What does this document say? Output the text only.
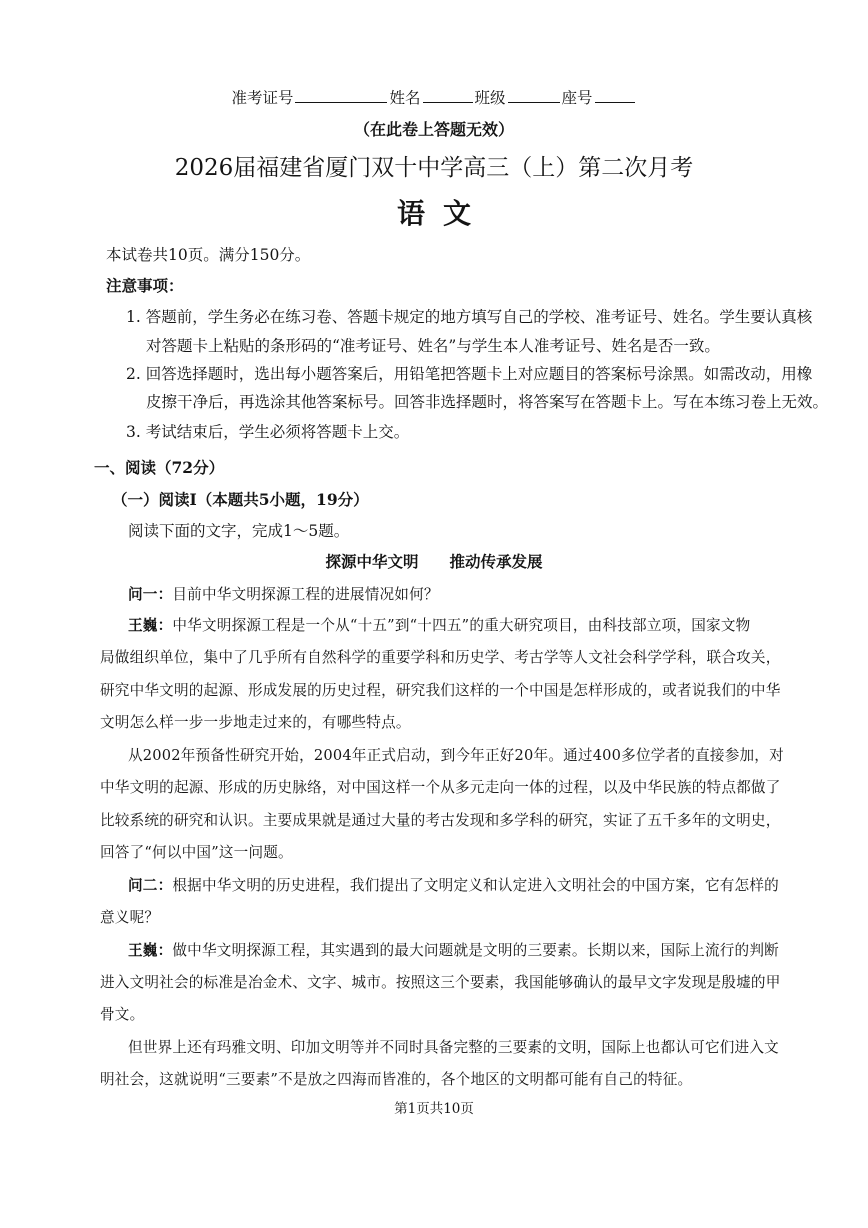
准考证号	姓名	班级	座号
（在此卷上答题无效）
2026届福建省厦门双十中学高三（上）第二次月考
语文
本试卷共10页。满分150分。
注意事项：
1. 答题前，学生务必在练习卷、答题卡规定的地方填写自己的学校、准考证号、姓名。学生要认真核
对答题卡上粘贴的条形码的“准考证号、姓名”与学生本人准考证号、姓名是否一致。
2. 回答选择题时，选出每小题答案后，用铅笔把答题卡上对应题目的答案标号涂黑。如需改动，用橡
皮擦干净后，再选涂其他答案标号。回答非选择题时，将答案写在答题卡上。写在本练习卷上无效。
3. 考试结束后，学生必须将答题卡上交。
一、阅读（72分）
（一）阅读Ⅰ（本题共5小题，19分）
阅读下面的文字，完成1～5题。
探源中华文明　　推动传承发展
问一：目前中华文明探源工程的进展情况如何？
王巍：中华文明探源工程是一个从“十五”到“十四五”的重大研究项目，由科技部立项，国家文物
局做组织单位，集中了几乎所有自然科学的重要学科和历史学、考古学等人文社会科学学科，联合攻关，
研究中华文明的起源、形成发展的历史过程，研究我们这样的一个中国是怎样形成的，或者说我们的中华
文明怎么样一步一步地走过来的，有哪些特点。
从2002年预备性研究开始，2004年正式启动，到今年正好20年。通过400多位学者的直接参加，对
中华文明的起源、形成的历史脉络，对中国这样一个从多元走向一体的过程，以及中华民族的特点都做了
比较系统的研究和认识。主要成果就是通过大量的考古发现和多学科的研究，实证了五千多年的文明史，
回答了“何以中国”这一问题。
问二：根据中华文明的历史进程，我们提出了文明定义和认定进入文明社会的中国方案，它有怎样的
意义呢？
王巍：做中华文明探源工程，其实遇到的最大问题就是文明的三要素。长期以来，国际上流行的判断
进入文明社会的标准是冶金术、文字、城市。按照这三个要素，我国能够确认的最早文字发现是殷墟的甲
骨文。
但世界上还有玛雅文明、印加文明等并不同时具备完整的三要素的文明，国际上也都认可它们进入文
明社会，这就说明“三要素”不是放之四海而皆准的，各个地区的文明都可能有自己的特征。
第1页共10页
